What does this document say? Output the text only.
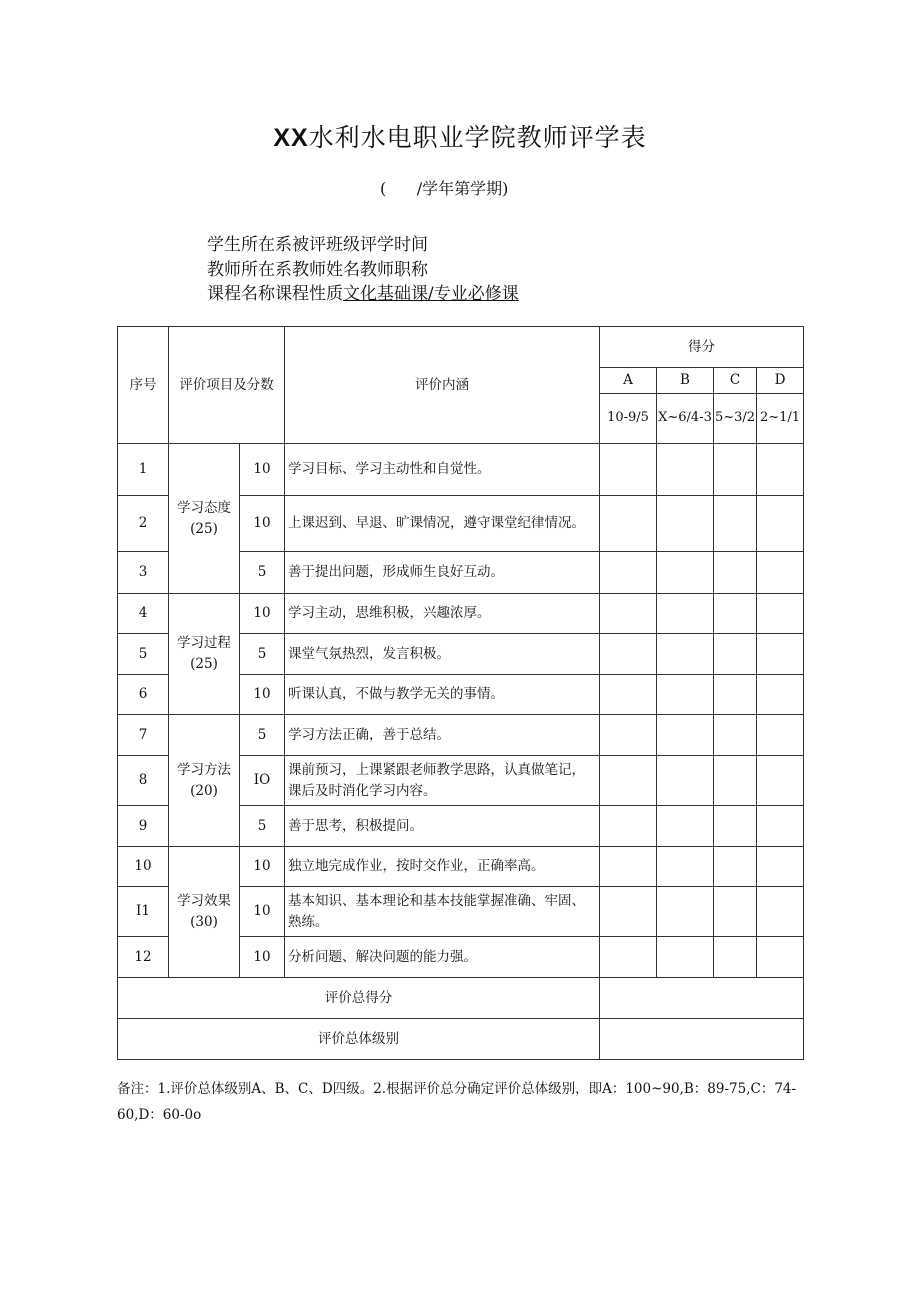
XX水利水电职业学院教师评学表
(      /学年第学期)
学生所在系被评班级评学时间
教师所在系教师姓名教师职称
课程名称课程性质文化基础课/专业必修课
序号	评价项目及分数		评价内涵	得分			
				A	B	C	D
				10-9/5	X~6/4-3	5~3/2	2~1/1
1	学习态度(25)	10	学习目标、学习主动性和自觉性。				
2		10	上课迟到、早退、旷课情况，遵守课堂纪律情况。				
3		5	善于提出问题，形成师生良好互动。				
4	学习过程(25)	10	学习主动，思维积极，兴趣浓厚。				
5		5	课堂气氛热烈，发言积极。				
6		10	听课认真，不做与教学无关的事情。				
7	学习方法(20)	5	学习方法正确，善于总结。				
8		IO	课前预习，上课紧跟老师教学思路，认真做笔记，课后及时消化学习内容。				
9		5	善于思考，积极提问。				
10	学习效果(30)	10	独立地完成作业，按时交作业，正确率高。				
I1		10	基本知识、基本理论和基本技能掌握准确、牢固、熟练。				
12		10	分析问题、解决问题的能力强。				
评价总得分							
评价总体级别							
备注：1.评价总体级别A、B、C、D四级。2.根据评价总分确定评价总体级别，即A：100~90,B：89-75,C：74-60,D：60-0o
